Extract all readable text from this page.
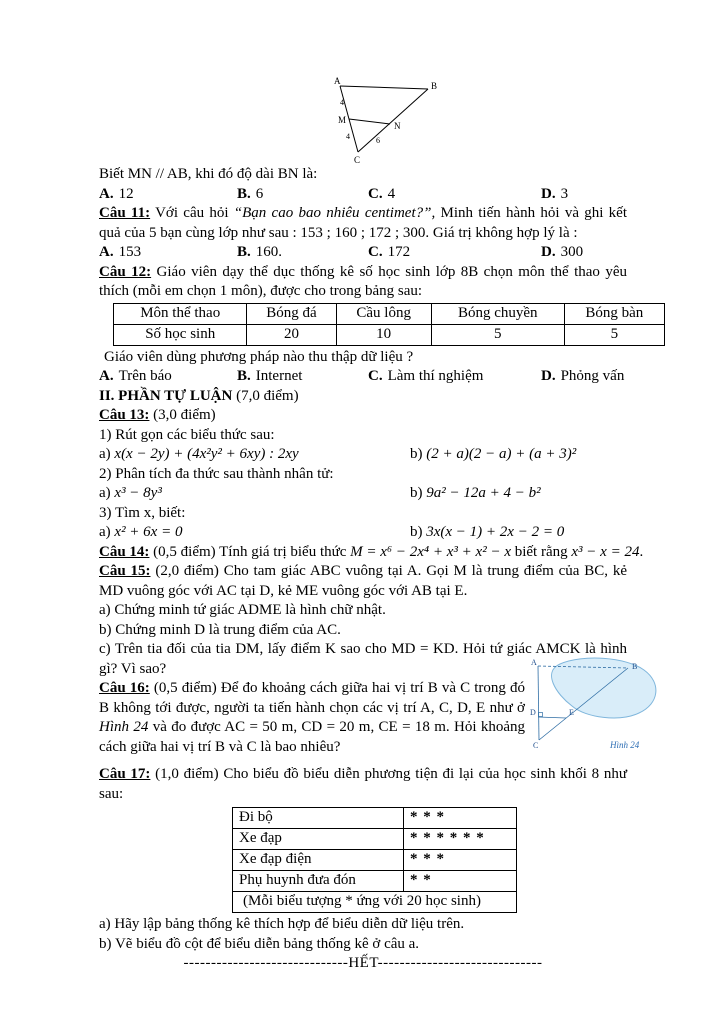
A	B
M
N
C
4
4	6
A	B
D	E
C	Hình 24

Biết MN // AB, khi đó độ dài BN là:

A. 12	B. 6	C. 4	D. 3

Câu 11: Với câu hỏi “Bạn cao bao nhiêu centimet?”, Minh tiến hành hỏi và ghi kết quả của 5 bạn cùng lớp như sau : 153 ; 160 ; 172 ; 300. Giá trị không hợp lý là :

A. 153	B. 160.	C. 172	D. 300

Câu 12: Giáo viên dạy thể dục thống kê số học sinh lớp 8B chọn môn thể thao yêu thích (mỗi em chọn 1 môn), được cho trong bảng sau:

Môn thể thao	Bóng đá	Cầu lông	Bóng chuyền	Bóng bàn
Số học sinh	20	10	5	5

Giáo viên dùng phương pháp nào thu thập dữ liệu ?

A. Trên báo	B. Internet	C. Làm thí nghiệm	D. Phỏng vấn

II. PHẦN TỰ LUẬN (7,0 điểm)

Câu 13: (3,0 điểm)

1) Rút gọn các biểu thức sau:

a) x(x − 2y) + (4x²y² + 6xy) : 2xy	b) (2 + a)(2 − a) + (a + 3)²

2) Phân tích đa thức sau thành nhân tử:

a) x³ − 8y³	b) 9a² − 12a + 4 − b²

3) Tìm x, biết:

a) x² + 6x = 0	b) 3x(x − 1) + 2x − 2 = 0

Câu 14: (0,5 điểm) Tính giá trị biểu thức M = x⁶ − 2x⁴ + x³ + x² − x biết rằng x³ − x = 24.

Câu 15: (2,0 điểm) Cho tam giác ABC vuông tại A. Gọi M là trung điểm của BC, kẻ MD vuông góc với AC tại D, kẻ ME vuông góc với AB tại E.

a) Chứng minh tứ giác ADME là hình chữ nhật.

b) Chứng minh D là trung điểm của AC.

c) Trên tia đối của tia DM, lấy điểm K sao cho MD = KD. Hỏi tứ giác AMCK là hình gì? Vì sao?

Câu 16: (0,5 điểm) Để đo khoảng cách giữa hai vị trí B và C trong đó B không tới được, người ta tiến hành chọn các vị trí A, C, D, E như ở Hình 24 và đo được AC = 50 m, CD = 20 m, CE = 18 m. Hỏi khoảng cách giữa hai vị trí B và C là bao nhiêu?

Câu 17: (1,0 điểm) Cho biểu đồ biểu diễn phương tiện đi lại của học sinh khối 8 như sau:

Đi bộ	* * *
Xe đạp	* * * * * *
Xe đạp điện	* * *
Phụ huynh đưa đón	* *
(Mỗi biểu tượng * ứng với 20 học sinh)	

a) Hãy lập bảng thống kê thích hợp để biểu diễn dữ liệu trên.

b) Vẽ biểu đồ cột để biểu diễn bảng thống kê ở câu a.

------------------------------HẾT------------------------------
